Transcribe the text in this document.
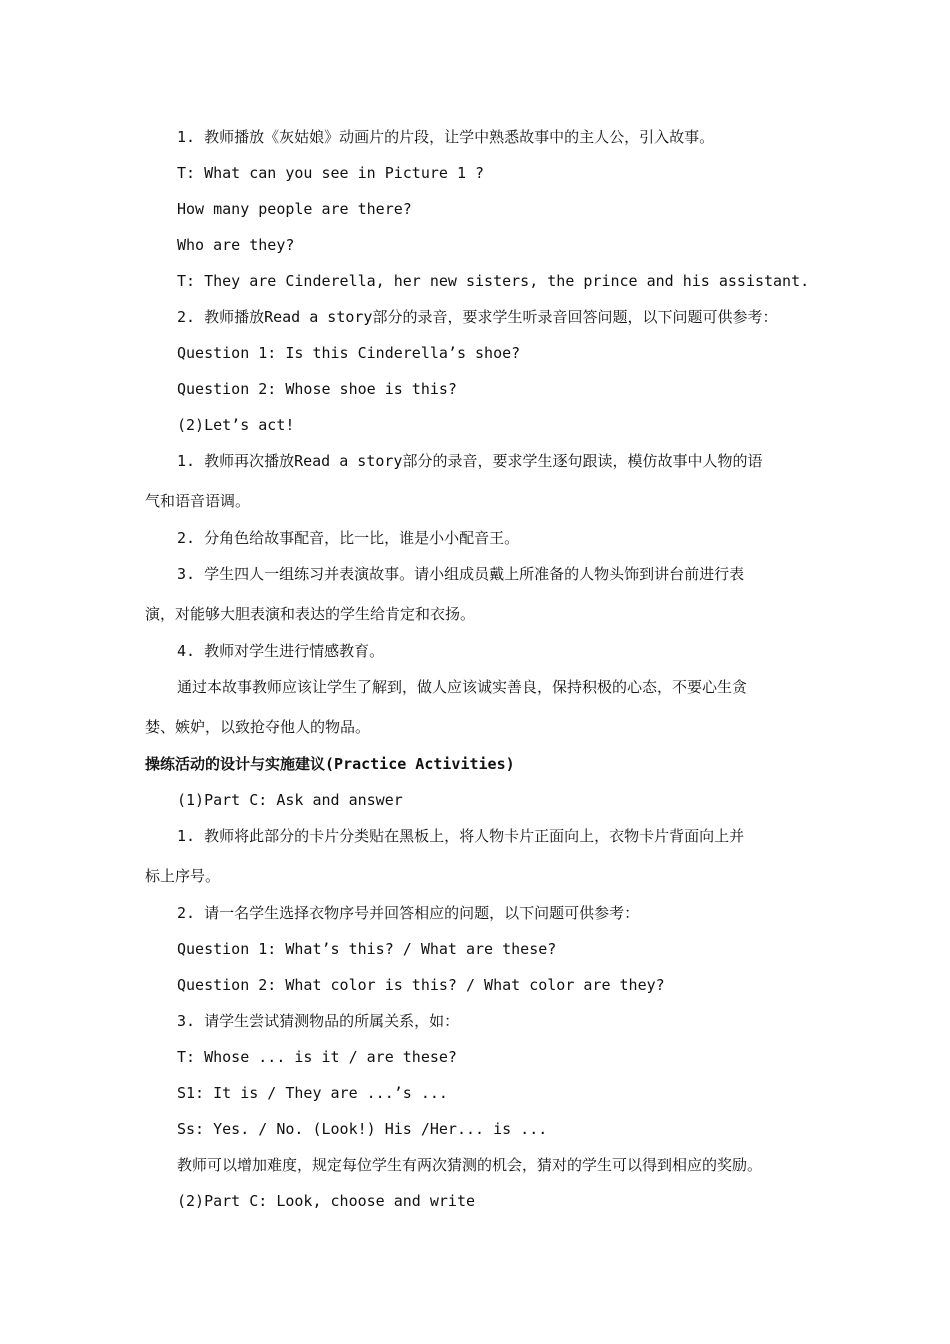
1. 教师播放《灰姑娘》动画片的片段，让学中熟悉故事中的主人公，引入故事。

T: What can you see in Picture 1 ?

How many people are there?

Who are they?

T: They are Cinderella, her new sisters, the prince and his assistant.

2. 教师播放Read a story部分的录音，要求学生听录音回答问题，以下问题可供参考：

Question 1: Is this Cinderella’s shoe?

Question 2: Whose shoe is this?

(2)Let’s act!

1. 教师再次播放Read a story部分的录音，要求学生逐句跟读，模仿故事中人物的语

气和语音语调。

2. 分角色给故事配音，比一比，谁是小小配音王。

3. 学生四人一组练习并表演故事。请小组成员戴上所准备的人物头饰到讲台前进行表

演，对能够大胆表演和表达的学生给肯定和衣扬。

4. 教师对学生进行情感教育。

通过本故事教师应该让学生了解到，做人应该诚实善良，保持积极的心态，不要心生贪

婪、嫉妒，以致抢夺他人的物品。

操练活动的设计与实施建议(Practice Activities)

(1)Part C: Ask and answer

1. 教师将此部分的卡片分类贴在黑板上，将人物卡片正面向上，衣物卡片背面向上并

标上序号。

2. 请一名学生选择衣物序号并回答相应的问题，以下问题可供参考：

Question 1: What’s this? / What are these?

Question 2: What color is this? / What color are they?

3. 请学生尝试猜测物品的所属关系，如：

T: Whose ... is it / are these?

S1: It is / They are ...’s ...

Ss: Yes. / No. (Look!) His /Her... is ...

教师可以增加难度，规定每位学生有两次猜测的机会，猜对的学生可以得到相应的奖励。

(2)Part C: Look, choose and write
